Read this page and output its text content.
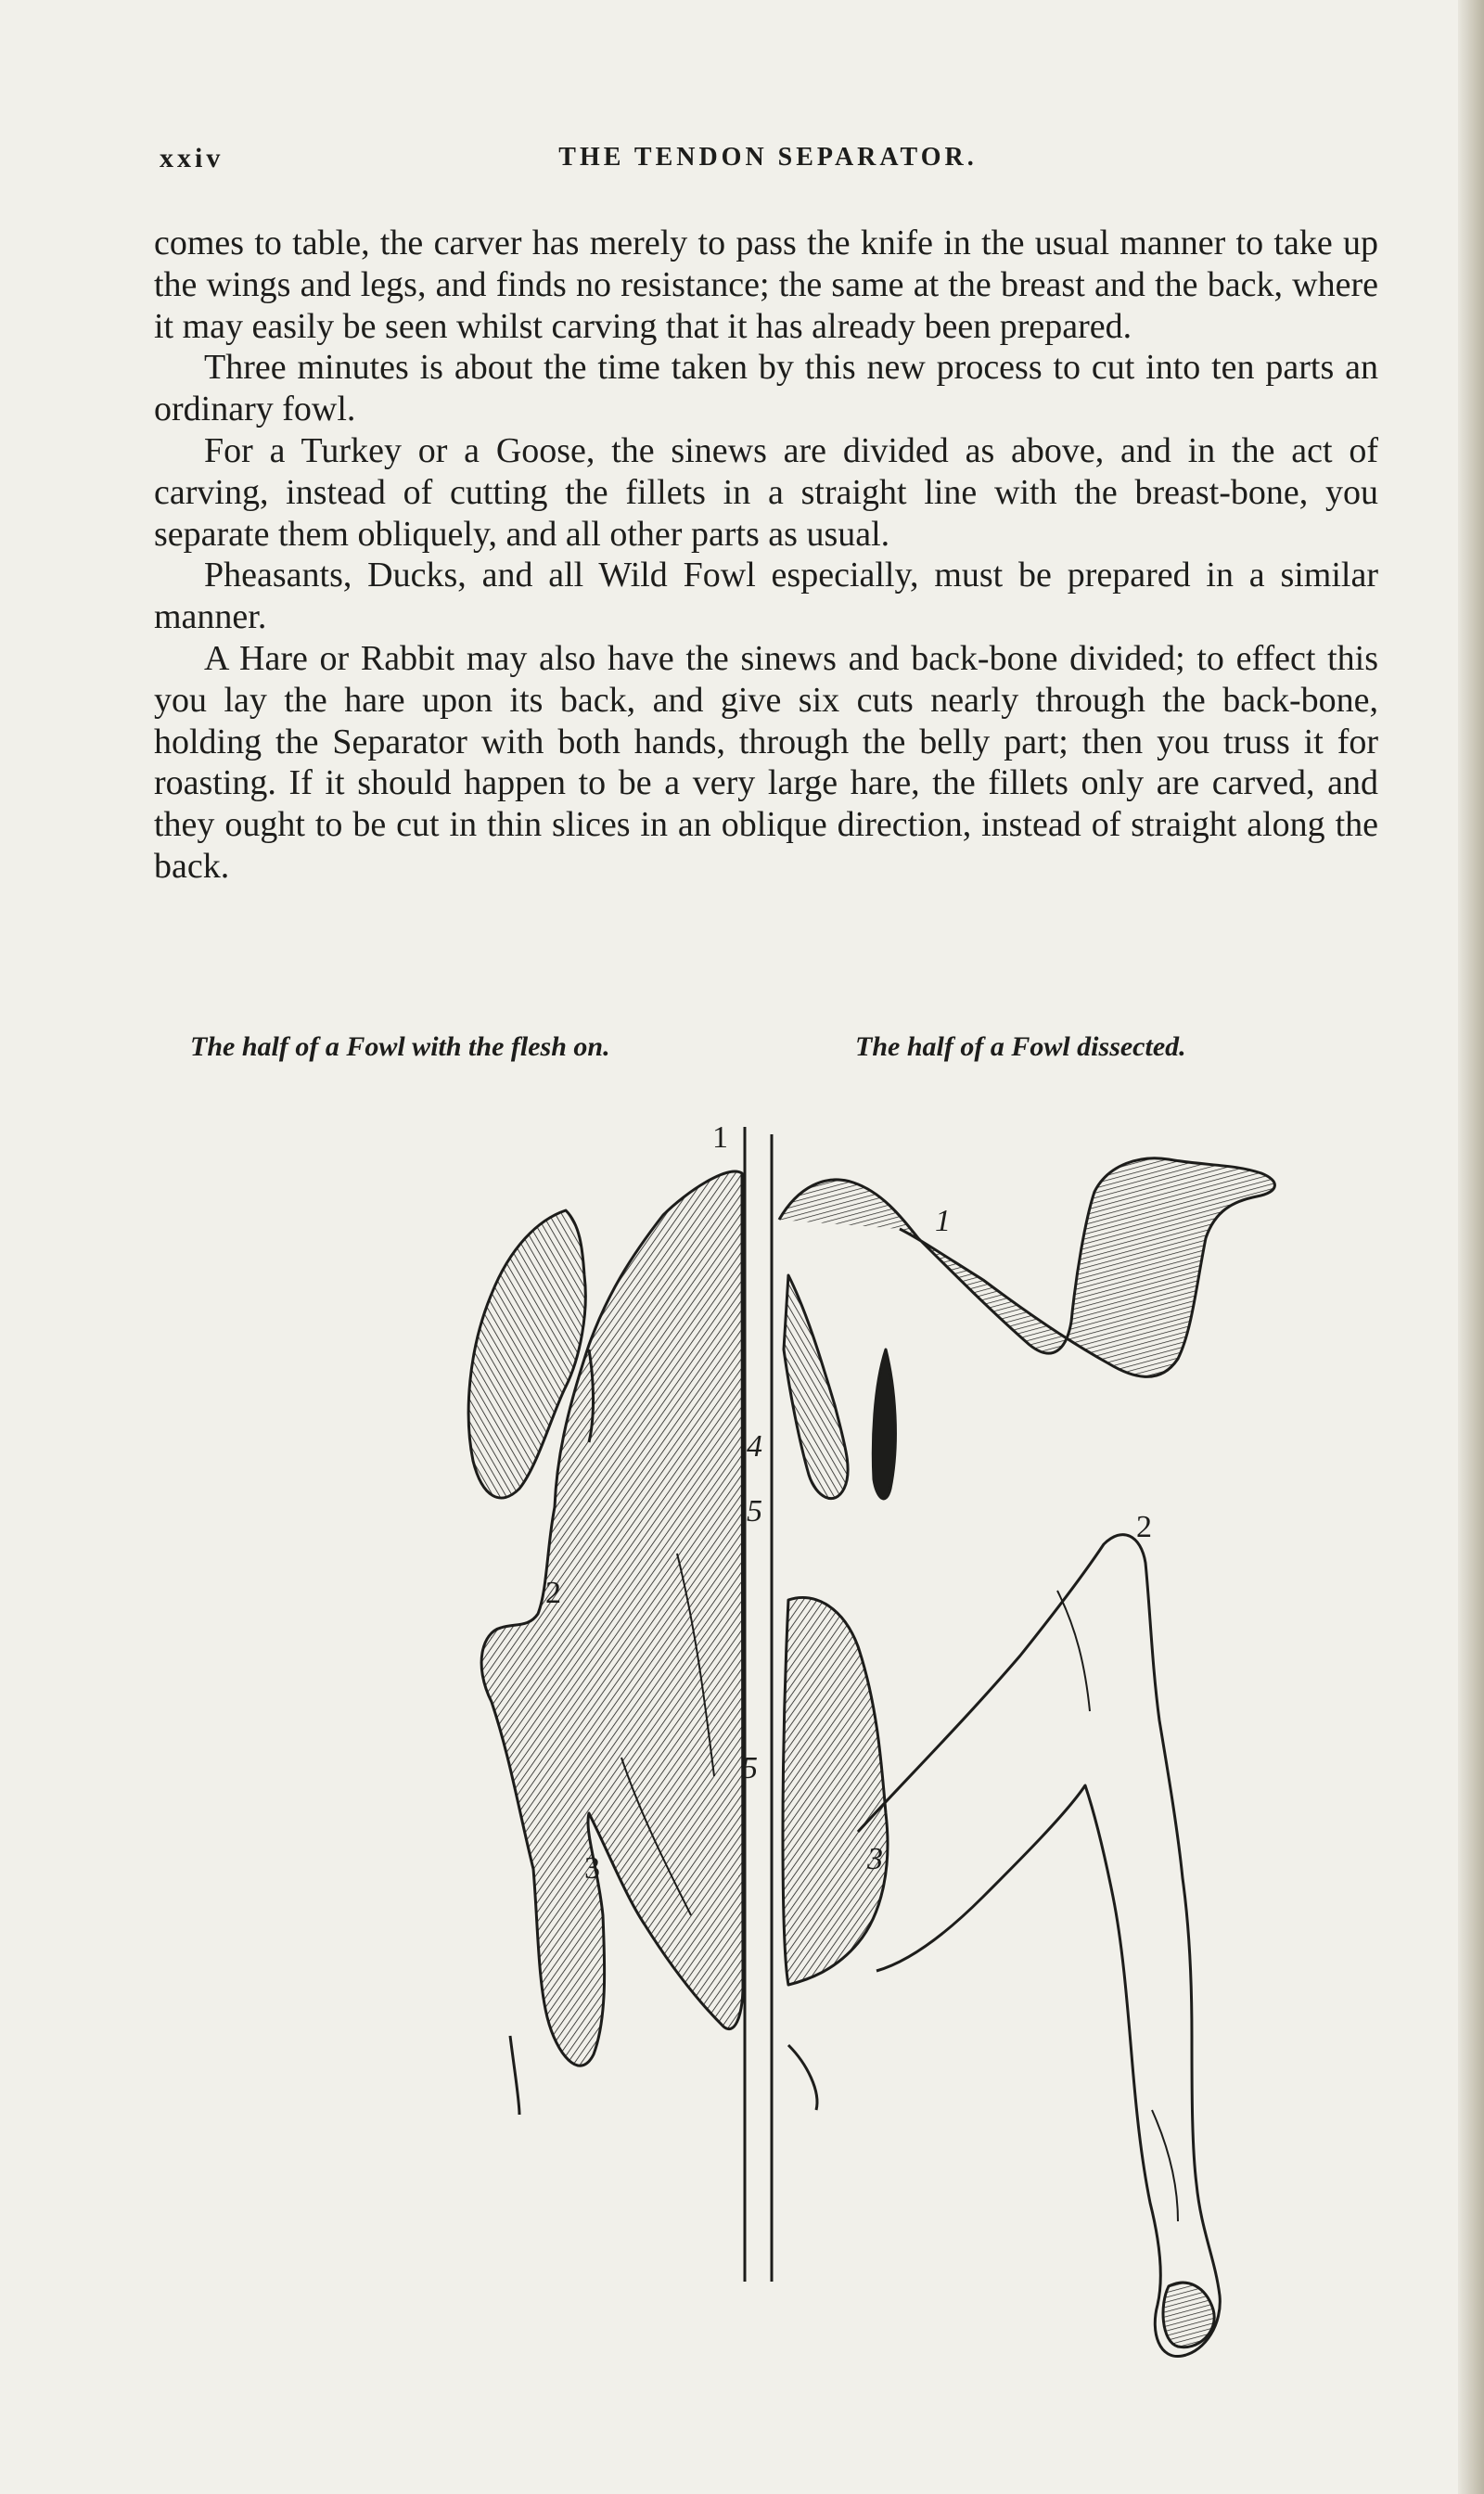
xxiv	THE TENDON SEPARATOR.

comes to table, the carver has merely to pass the knife in the usual manner to take up the wings and legs, and finds no resistance; the same at the breast and the back, where it may easily be seen whilst carving that it has already been prepared.

Three minutes is about the time taken by this new process to cut into ten parts an ordinary fowl.

For a Turkey or a Goose, the sinews are divided as above, and in the act of carving, instead of cutting the fillets in a straight line with the breast-bone, you separate them obliquely, and all other parts as usual.

Pheasants, Ducks, and all Wild Fowl especially, must be prepared in a similar manner.

A Hare or Rabbit may also have the sinews and back-bone divided; to effect this you lay the hare upon its back, and give six cuts nearly through the back-bone, holding the Separator with both hands, through the belly part; then you truss it for roasting. If it should happen to be a very large hare, the fillets only are carved, and they ought to be cut in thin slices in an oblique direction, instead of straight along the back.

The half of a Fowl with the flesh on.	The half of a Fowl dissected.
1
2
3
4
5
5
1
2
3
